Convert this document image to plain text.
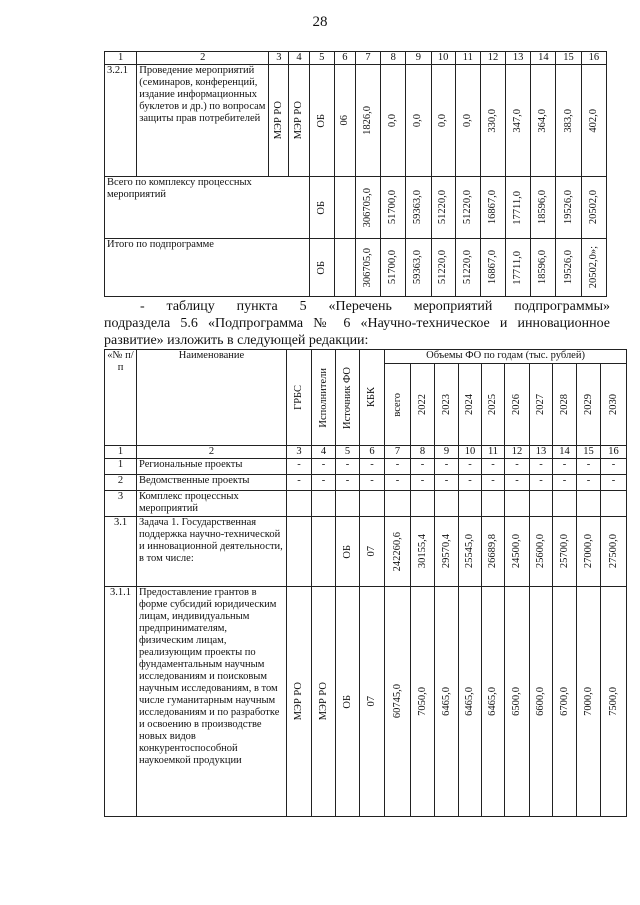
28
1	2	3	4	5	6	7	8	9	10	11	12	13	14	15	16
3.2.1	Проведение мероприятий (семинаров, конференций, издание информационных буклетов и др.) по вопросам защиты прав потребителей	МЭР РО	МЭР РО	ОБ	06	1826,0	0,0	0,0	0,0	0,0	330,0	347,0	364,0	383,0	402,0

Всего по комплексу процессных мероприятий				ОБ		306705,0	51700,0	59363,0	51220,0	51220,0	16867,0	17711,0	18596,0	19526,0	20502,0

Итого по подпрограмме				ОБ		306705,0	51700,0	59363,0	51220,0	51220,0	16867,0	17711,0	18596,0	19526,0	20502,0»;
- таблицу пункта 5 «Перечень мероприятий подпрограммы»
подраздела 5.6 «Подпрограмма № 6 «Научно-техническое и инновационное
развитие» изложить в следующей редакции:
«№ п/п	Наименование	ГРБС	Исполнители	Источник ФО	КБК	Объемы ФО по годам (тыс. рублей)									

						всего	2022	2023	2024	2025	2026	2027	2028	2029	2030

1	2	3	4	5	6	7	8	9	10	11	12	13	14	15	16
1	Региональные проекты	-	-	-	-	-	-	-	-	-	-	-	-	-	-
2	Ведомственные проекты	-	-	-	-	-	-	-	-	-	-	-	-	-	-
3	Комплекс процессных мероприятий														
3.1	Задача 1. Государственная поддержка научно-технической и инновационной деятельности, в том числе:			ОБ	07	242260,6	30155,4	29570,4	25545,0	26689,8	24500,0	25600,0	25700,0	27000,0	27500,0

3.1.1	Предоставление грантов в форме субсидий юридическим лицам, индивидуальным предпринимателям, физическим лицам, реализующим проекты по фундаментальным научным исследованиям и поисковым научным исследованиям, в том числе гуманитарным научным исследованиям и по разработке и освоению в производстве новых видов конкурентоспособной наукоемкой продукции	МЭР РО	МЭР РО	ОБ	07	60745,0	7050,0	6465,0	6465,0	6465,0	6500,0	6600,0	6700,0	7000,0	7500,0
